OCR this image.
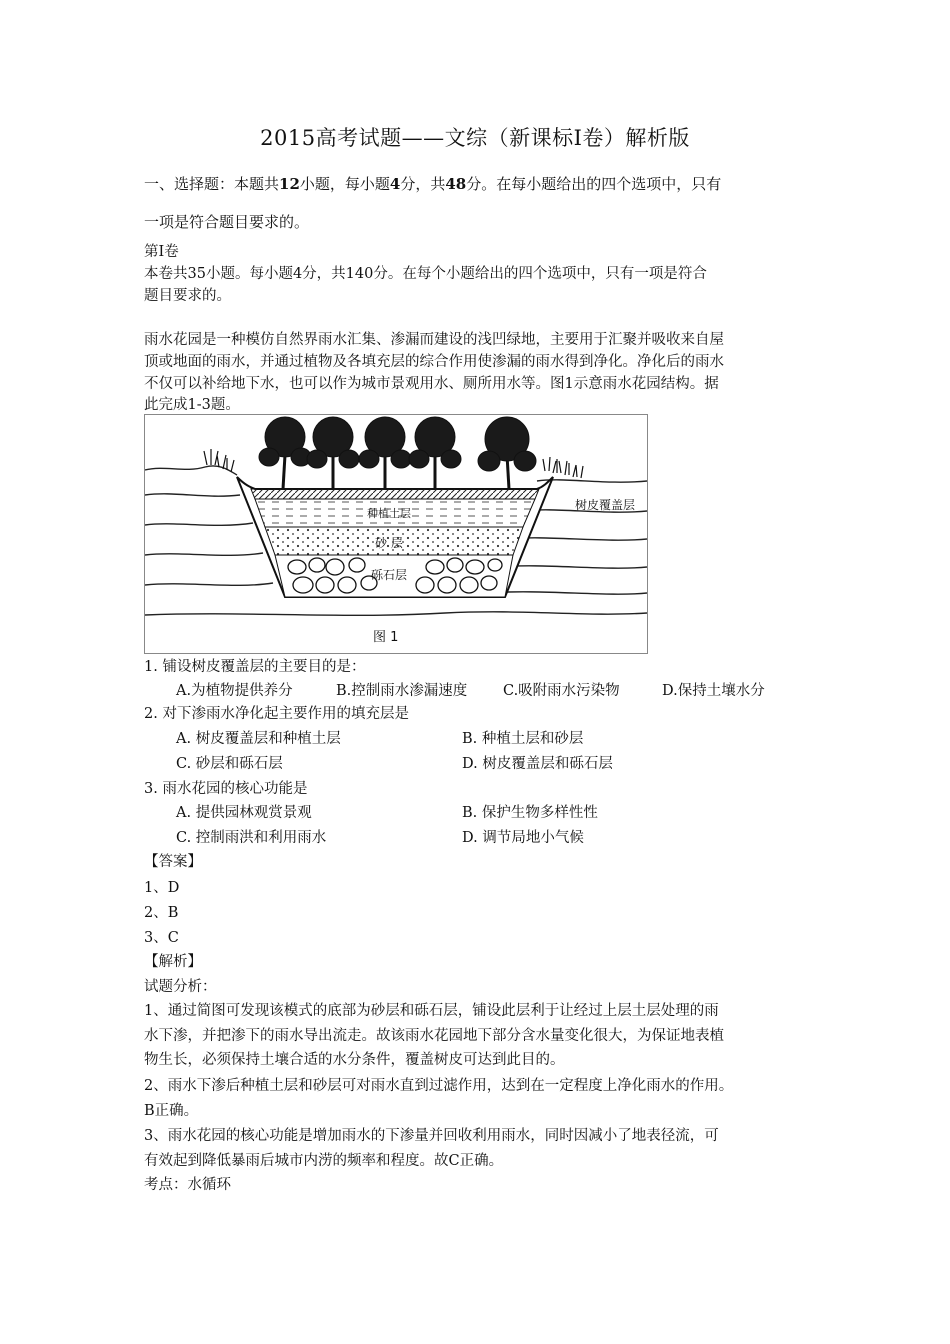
2015高考试题——文综（新课标Ⅰ卷）解析版
一、选择题：本题共12小题，每小题4分，共48分。在每小题给出的四个选项中，只有
一项是符合题目要求的。
第Ⅰ卷
本卷共35小题。每小题4分，共140分。在每个小题给出的四个选项中，只有一项是符合
题目要求的。
雨水花园是一种模仿自然界雨水汇集、渗漏而建设的浅凹绿地，主要用于汇聚并吸收来自屋
顶或地面的雨水，并通过植物及各填充层的综合作用使渗漏的雨水得到净化。净化后的雨水
不仅可以补给地下水，也可以作为城市景观用水、厕所用水等。图1示意雨水花园结构。据
此完成1-3题。
树皮覆盖层
种植土层
砂 层
砾石层
图 1
1. 铺设树皮覆盖层的主要目的是：
A.为植物提供养分	B.控制雨水渗漏速度 C.吸附雨水污染物	D.保持土壤水分
2. 对下渗雨水净化起主要作用的填充层是
A. 树皮覆盖层和种植土层	B. 种植土层和砂层
C. 砂层和砾石层	D. 树皮覆盖层和砾石层
3. 雨水花园的核心功能是
A. 提供园林观赏景观	B. 保护生物多样性性
C. 控制雨洪和利用雨水	D. 调节局地小气候
【答案】
1、D
2、B
3、C
【解析】
试题分析：
1、通过简图可发现该模式的底部为砂层和砾石层，铺设此层利于让经过上层土层处理的雨
水下渗，并把渗下的雨水导出流走。故该雨水花园地下部分含水量变化很大，为保证地表植
物生长，必须保持土壤合适的水分条件，覆盖树皮可达到此目的。
2、雨水下渗后种植土层和砂层可对雨水直到过滤作用，达到在一定程度上净化雨水的作用。
B正确。
3、雨水花园的核心功能是增加雨水的下渗量并回收利用雨水，同时因减小了地表径流，可
有效起到降低暴雨后城市内涝的频率和程度。故C正确。
考点：水循环
